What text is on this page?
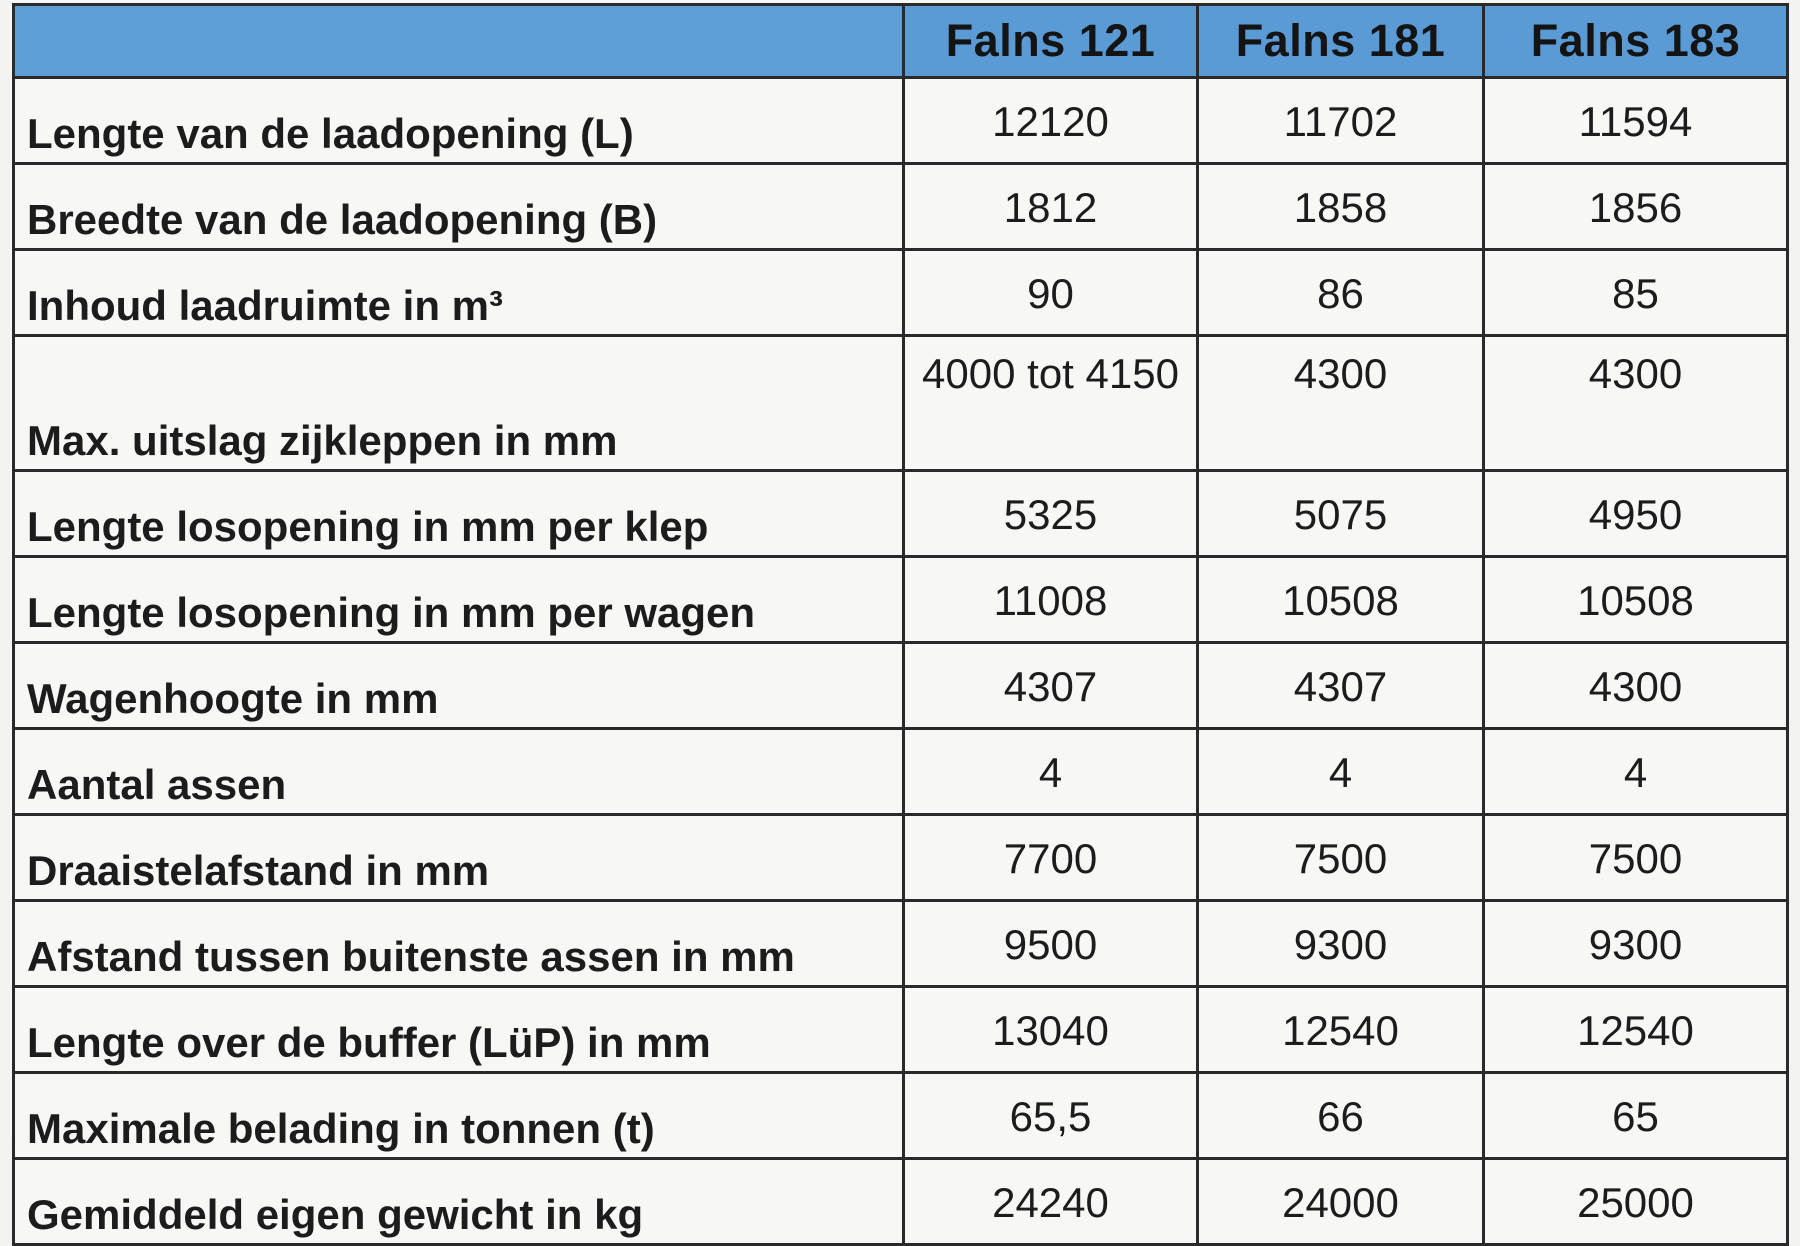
	Falns 121	Falns 181	Falns 183
Lengte van de laadopening (L)	12120	11702	11594
Breedte van de laadopening (B)	1812	1858	1856
Inhoud laadruimte in m³	90	86	85
Max. uitslag zijkleppen in mm	4000 tot 4150	4300	4300
Lengte losopening in mm per klep	5325	5075	4950
Lengte losopening in mm per wagen	11008	10508	10508
Wagenhoogte in mm	4307	4307	4300
Aantal assen	4	4	4
Draaistelafstand in mm	7700	7500	7500
Afstand tussen buitenste assen in mm	9500	9300	9300
Lengte over de buffer (LüP) in mm	13040	12540	12540
Maximale belading in tonnen (t)	65,5	66	65
Gemiddeld eigen gewicht in kg	24240	24000	25000
